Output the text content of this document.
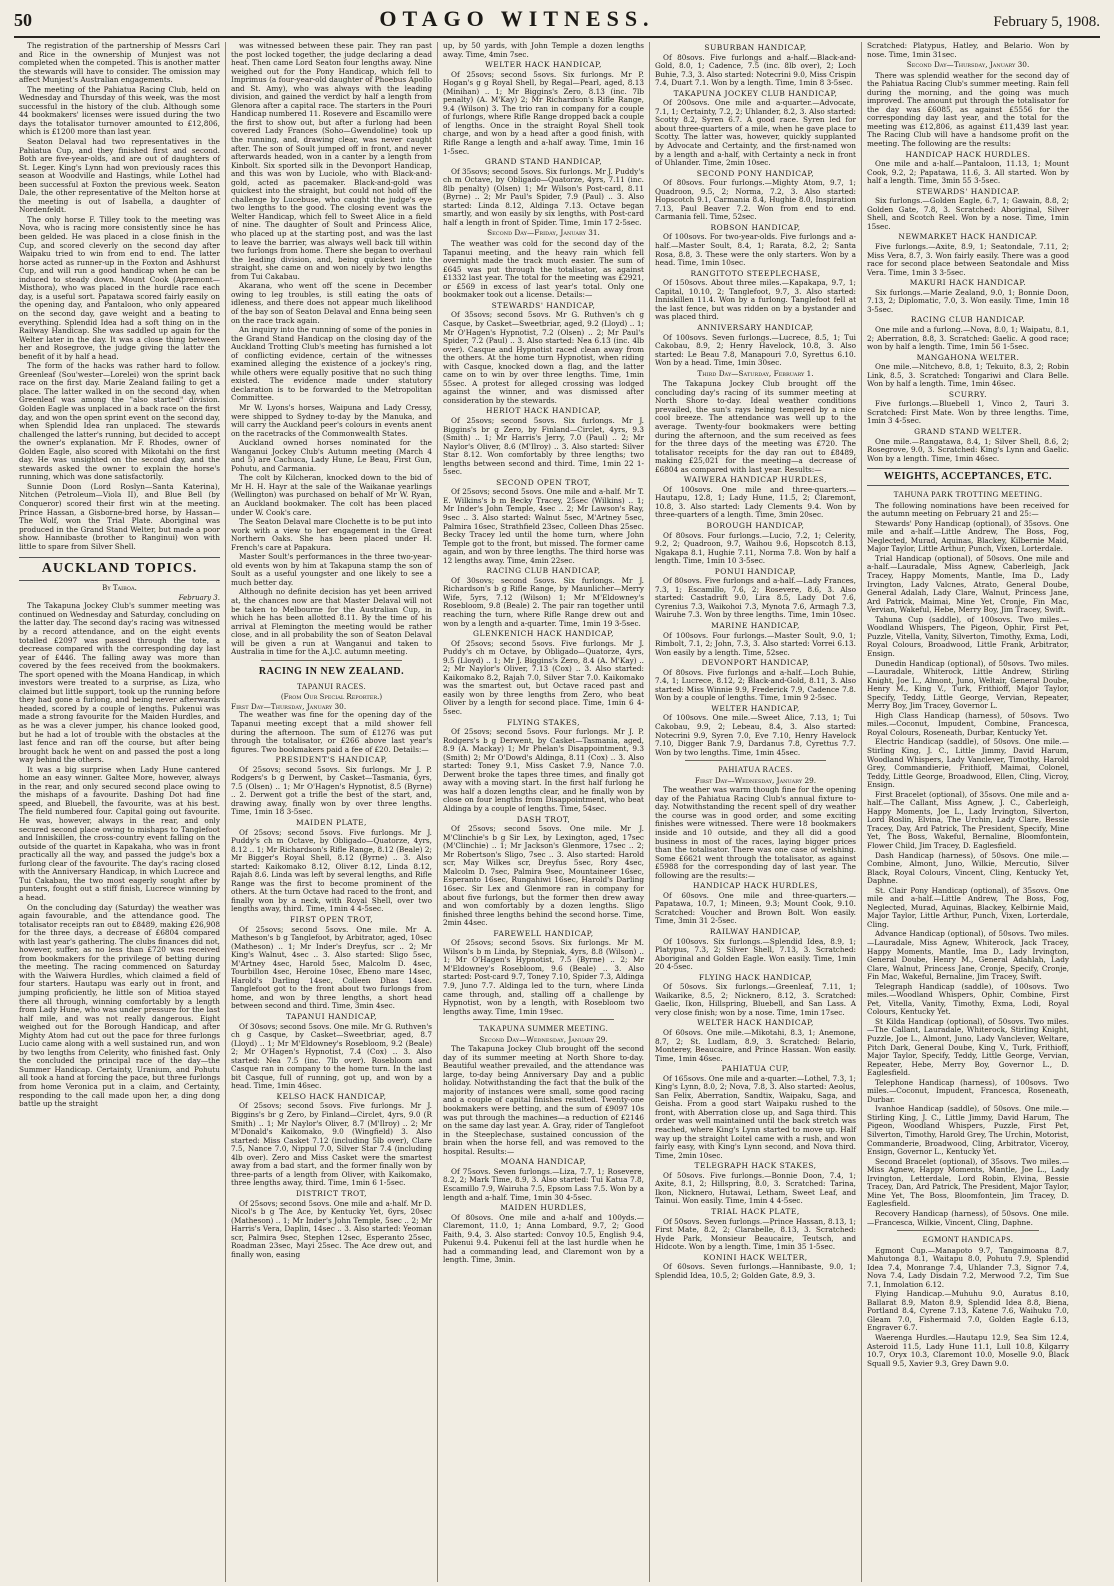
50	OTAGO WITNESS.	February 5, 1908.

The registration of the partnership of Messrs Carl and Rice in the ownership of Munjest was not completed when the competed. This is another matter the stewards will have to consider. The omission may affect Munjest's Australian engagements.

The meeting of the Pahiatua Racing Club, held on Wednesday and Thursday of this week, was the most successful in the history of the club. Although some 44 bookmakers' licenses were issued during the two days the totalisator turnover amounted to £12,806, which is £1200 more than last year.

Seaton Delaval had two representatives in the Pahiatua Cup, and they finished first and second. Both are five-year-olds, and are out of daughters of St. Leger. King's Lynn had won previously races this season at Woodville and Hastings, while Lothel had been successful at Foxton the previous week. Seaton Dale, the other representative of the Melton horse at the meeting is out of Isabella, a daughter of Nordenfeldt.

The only horse F. Tilley took to the meeting was Nova, who is racing more consistently since he has been gelded. He was placed in a close finish in the Cup, and scored cleverly on the second day after Waipaku tried to win from end to end. The latter horse acted as runner-up in the Foxton and Ashhurst Cup, and will run a good handicap when he can be induced to steady down. Mount Cook (Apremont—Misthora), who was placed in the hurdle race each day, is a useful sort. Papatawa scored fairly easily on the opening day, and Pantaloon, who only appeared on the second day, gave weight and a beating to everything. Splendid Idea had a soft thing on in the Railway Handicap. She was saddled up again for the Welter later in the day. It was a close thing between her and Rosegrove, the judge giving the latter the benefit of it by half a head.

The form of the hacks was rather hard to follow. Greenleaf (Sou'wester—Lorelei) won the sprint back race on the first day. Marie Zealand failing to get a place. The latter walked in on the second day, when Greenleaf was among the "also started" division. Golden Eagle was unplaced in a back race on the first day, and won the open sprint event on the second day, when Splendid Idea ran unplaced. The stewards challenged the latter's running, but decided to accept the owner's explanation. Mr F. Rhodes, owner of Golden Eagle, also scored with Mikotahi on the first day. He was unsighted on the second day, and the stewards asked the owner to explain the horse's running, which was done satisfactorily.

Sunnie Doon (Lord Roslyn—Santa Katerina), Nitchen (Petroleum—Viola II), and Blue Bell (by Conqueror) scored their first win at the meeting. Prince Hassan, a Gisborne-bred horse, by Hassan—The Wolf, won the Trial Plate. Aboriginal was produced in the Grand Stand Welter, but made a poor show. Hannibaste (brother to Ranginui) won with little to spare from Silver Shell.

AUCKLAND TOPICS.
By Taiboa.
February 3.

The Takapuna Jockey Club's summer meeting was continued on Wednesday and Saturday, concluding on the latter day. The second day's racing was witnessed by a record attendance, and on the eight events totalled £2097 was passed through the tote, a decrease compared with the corresponding day last year of £446. The falling away was more than covered by the fees received from the bookmakers. The sport opened with the Moana Handicap, in which investors were treated to a surprise, as Liza, who claimed but little support, took up the running before they had gone a furlong, and being never afterwards headed, scored by a couple of lengths. Pukenui was made a strong favourite for the Maiden Hurdles, and as he was a clever jumper, his chance looked good, but he had a lot of trouble with the obstacles at the last fence and ran off the course, but after being brought back he went on and passed the post a long way behind the others.

It was a big surprise when Lady Hune cantered home an easy winner. Galtee More, however, always in the rear, and only secured second place owing to the mishaps of a favourite. Dashing Dot had fine speed, and Bluebell, the favourite, was at his best. The field numbered four. Capital going out favourite. He was, however, always in the rear, and only secured second place owing to mishaps to Tanglefoot and Inniskillen, the cross-country event falling on the outside of the quartet in Kapakaha, who was in front practically all the way, and passed the judge's box a furlong clear of the favourite. The day's racing closed with the Anniversary Handicap, in which Lucrece and Tui Cakabau, the two most eagerly sought after by punters, fought out a stiff finish, Lucrece winning by a head.

On the concluding day (Saturday) the weather was again favourable, and the attendance good. The totalisator receipts ran out to £8489, making £26,908 for the three days, a decrease of £6804 compared with last year's gathering. The clubs finances did not, however, suffer, as no less than £720 was received from bookmakers for the privilege of betting during the meeting. The racing commenced on Saturday with the Waiwera Hurdles, which claimed a field of four starters. Hautapu was early out in front, and jumping proficiently, he little son of Mitioa stayed there all through, winning comfortably by a length from Lady Hune, who was under pressure for the last half mile, and was not really dangerous. Eight weighed out for the Borough Handicap, and after Mighty Atom had cut out the pace for three furlongs Lucio came along with a well sustained run, and won by two lengths from Celerity, who finished fast. Only the concluded the principal race of the day—the Summer Handicap. Certainty, Uranium, and Pohutu all took a hand at forcing the pace, but three furlongs from home Veronica put in a claim, and Certainty, responding to the call made upon her, a ding dong battle up the straight

was witnessed between these pair. They ran past the post locked together, the judge declaring a dead heat. Then came Lord Seaton four lengths away. Nine weighed out for the Pony Handicap, which fell to Imprimus (a four-year-old daughter of Phoebus Apollo and St. Amy), who was always with the leading division, and gained the verdict by half a length from Glenora after a capital race. The starters in the Pouri Handicap numbered 11. Rosevere and Escamillo were the first to show out, but after a furlong had been covered Lady Frances (Soho—Gwendoline) took up the running, and, drawing clear, was never caught after. The son of Soult jumped off in front, and never afterwards headed, won in a canter by a length from Kinbolt. Six sported silk in the Devonport Handicap, and this was won by Luciole, who with Black-and-gold, acted as pacemaker. Black-and-gold was quickest into the straight, but could not hold off the challenge by Lucebuse, who caught the judge's eye two lengths to the good. The closing event was the Welter Handicap, which fell to Sweet Alice in a field of nine. The daughter of Soult and Princess Alice, who placed up at the starting post, and was the last to leave the barrier, was always well back till within two furlongs from home. There she began to overhaul the leading division, and, being quickest into the straight, she came on and won nicely by two lengths from Tui Cakabau.

Akarana, who went off the scene in December owing to leg troubles, is still eating the oats of idleness, and there does not appear much likelihood of the bay son of Seaton Delaval and Enna being seen on the race track again.

An inquiry into the running of some of the ponies in the Grand Stand Handicap on the closing day of the Auckland Trotting Club's meeting has furnished a lot of conflicting evidence, certain of the witnesses examined alleging the existence of a jockey's ring, while others were equally positive that no such thing existed. The evidence made under statutory declaration is to be forwarded to the Metropolitan Committee.

Mr W. Lyons's horses, Waipuna and Lady Cressy, were shipped to Sydney to-day by the Manuka, and will carry the Auckland peer's colours in events anent on the racetracks of the Commonwealth States.

Auckland owned horses nominated for the Wanganui Jockey Club's Autumn meeting (March 4 and 5) are Cachuca, Lady Hune, Le Beau, First Gun, Pohutu, and Carmania.

The colt by Kilcheran, knocked down to the bid of Mr H. H. Hayr at the sale of the Waikanae yearlings (Wellington) was purchased on behalf of Mr W. Ryan, an Auckland bookmaker. The colt has been placed under W. Cook's care.

The Seaton Delaval mare Clochette is to be put into work with a view to her engagement in the Great Northern Oaks. She has been placed under H. French's care at Papakura.

Master Soult's performances in the three two-year-old events won by him at Takapuna stamp the son of Soult as a useful youngster and one likely to see a much better day.

Although no definite decision has yet been arrived at, the chances now are that Master Delaval will not be taken to Melbourne for the Australian Cup, in which he has been allotted 8.11. By the time of his arrival at Flemington the meeting would be rather close, and in all probability the son of Seaton Delaval will be given a run at Wanganui and taken to Australia in time for the A.J.C. autumn meeting.

RACING IN NEW ZEALAND.
TAPANUI RACES.
(From Our Special Reporter.)

First Day—Thursday, January 30.

The weather was fine for the opening day of the Tapanui meeting except that a mild shower fell during the afternoon. The sum of £1276 was put through the totalisator, or £266 above last year's figures. Two bookmakers paid a fee of £20. Details:—

PRESIDENT'S HANDICAP,

Of 25sovs; second 5sovs. Six furlongs. Mr J. P. Rodgers's b g Derwent, by Casket—Tasmania, 6yrs, 7.5 (Olsen) .. 1; Mr O'Hagen's Hypnotist, 8.5 (Byrne) .. 2. Derwent got a trifle the best of the start, and, drawing away, finally won by over three lengths. Time, 1min 18 3-5sec.

MAIDEN PLATE,

Of 25sovs; second 5sovs. Five furlongs. Mr J. Puddy's ch m Octave, by Obligado—Quatorze, 4yrs, 8.12 .. 1; Mr Richardson's Rifle Range, 8.12 (Beale) 2; Mr Bigger's Royal Shell, 8.12 (Byrne) .. 3. Also started: Kaikomako 8.12, Oliver 8.12, Linda 8.12, Rajah 8.6. Linda was left by several lengths, and Rifle Range was the first to become prominent of the others. At the turn Octave had raced to the front, and finally won by a neck, with Royal Shell, over two lengths away, third. Time, 1min 4 4-5sec.

FIRST OPEN TROT,

Of 25sovs; second 5sovs. One mile. Mr A. Matheson's b g Tanglefoot, by Arbitrator, aged, 10sec (Matheson) .. 1; Mr Inder's Dreyfus, scr .. 2; Mr King's Walnut, 4sec .. 3. Also started: Sligo 5sec, M'Artney 4sec, Harold 5sec, Malcolm D. 4sec, Tourbillon 4sec, Heroine 10sec, Ebeno mare 14sec, Harold's Darling 14sec, Colleen Dhas 14sec. Tanglefoot got to the front about two furlongs from home, and won by three lengths, a short head between second and third. Time, 3min 4sec.

TAPANUI HANDICAP,

Of 30sovs; second 5sovs. One mile. Mr G. Ruthven's ch g Casque, by Casket—Sweetbriar, aged, 8.7 (Lloyd) .. 1; Mr M'Eldowney's Rosebloom, 9.2 (Beale) 2; Mr O'Hagen's Hypnotist, 7.4 (Cox) .. 3. Also started: Nea 7.5 (inc. 7lb over). Rosebloom and Casque ran in company to the home turn. In the last bit Casque, full of running, got up, and won by a head. Time, 1min 46sec.

KELSO HACK HANDICAP,

Of 25sovs; second 5sovs. Five furlongs. Mr J. Biggins's br g Zero, by Finland—Circlet, 4yrs, 9.0 (R Smith) .. 1; Mr Naylor's Oliver, 8.7 (M'Ilroy) .. 2; Mr M'Donald's Kaikomako, 9.0 (Wingfield) 3. Also started: Miss Casket 7.12 (including 5lb over), Clare 7.5, Nance 7.0, Nippul 7.0, Silver Star 7.4 (including 4lb over). Zero and Miss Casket were the smartest away from a bad start, and the former finally won by three-parts of a length from Oliver, with Kaikomako, three lengths away, third. Time, 1min 6 1-5sec.

DISTRICT TROT,

Of 25sovs; second 5sovs. One mile and a-half. Mr D. Nicol's b g The Ace, by Kentucky Yet, 6yrs, 20sec (Matheson) .. 1; Mr Inder's John Temple, 5sec .. 2; Mr Harris's Vera, Daplin, 14sec .. 3. Also started: Yeoman scr, Palmira 9sec, Stephen 12sec, Esperanto 25sec, Roadman 23sec, Mayi 25sec. The Ace drew out, and finally won, easing

up, by 50 yards, with John Temple a dozen lengths away. Time, 4min 7sec.

WELTER HACK HANDICAP,

Of 25sovs; second 5sovs. Six furlongs. Mr P. Hogan's g g Royal Shell, by Regal—Pearl, aged, 8.13 (Minihan) .. 1; Mr Biggins's Zero, 8.13 (inc. 7lb penalty) (A. M'Kay) 2; Mr Richardson's Rifle Range, 9.4 (Wilson) 3. The trio ran in company for a couple of furlongs, where Rifle Range dropped back a couple of lengths. Once in the straight Royal Shell took charge, and won by a head after a good finish, with Rifle Range a length and a-half away. Time, 1min 16 1-5sec.

GRAND STAND HANDICAP,

Of 35sovs; second 5sovs. Six furlongs. Mr J. Puddy's ch m Octave, by Obligado—Quatorze, 4yrs, 7.11 (inc. 8lb penalty) (Olsen) 1; Mr Wilson's Post-card, 8.11 (Byrne) .. 2; Mr Paul's Spider, 7.9 (Paul) .. 3. Also started: Linda 8.12, Aldinga 7.13. Octave began smartly, and won easily by six lengths, with Post-card half a length in front of Spider. Time, 1min 17 2-5sec.

Second Day—Friday, January 31.

The weather was cold for the second day of the Tapanui meeting, and the heavy rain which fell overnight made the track much easier. The sum of £645 was put through the totalisator, as against £1332 last year. The total for the meeting was £2921, or £569 in excess of last year's total. Only one bookmaker took out a license. Details:—

STEWARDS' HANDICAP,

Of 35sovs; second 5sovs. Mr G. Ruthven's ch g Casque, by Casket—Sweetbriar, aged, 9.2 (Lloyd) .. 1; Mr O'Hagen's Hypnotist, 7.2 (Olsen) .. 2; Mr Paul's Spider, 7.2 (Paul) .. 3. Also started: Nea 6.13 (inc. 4lb over). Casque and Hypnotist raced clean away from the others. At the home turn Hypnotist, when riding with Casque, knocked down a flag, and the latter came on to win by over three lengths. Time, 1min 55sec. A protest for alleged crossing was lodged against the winner, and was dismissed after consideration by the stewards.

HERIOT HACK HANDICAP,

Of 25sovs; second 5sovs. Six furlongs. Mr J. Biggins's br g Zero, by Finland—Circlet, 4yrs, 9.3 (Smith) .. 1; Mr Harris's Jerry, 7.0 (Paul) .. 2; Mr Naylor's Oliver, 8.6 (M'Ilroy) .. 3. Also started: Silver Star 8.12. Won comfortably by three lengths; two lengths between second and third. Time, 1min 22 1-5sec.

SECOND OPEN TROT,

Of 25sovs; second 5sovs. One mile and a-half. Mr T. E. Wilkins's b m Becky Tracey, 25sec (Wilkins) .. 1; Mr Inder's John Temple, 4sec .. 2; Mr Lawson's Ray, 9sec .. 3. Also started: Walnut 5sec, M'Artney 5sec, Palmira 16sec, Strathfield 23sec, Colleen Dhas 25sec. Becky Tracey led until the home turn, where John Temple got to the front, but missed. The former came again, and won by three lengths. The third horse was 12 lengths away. Time, 4min 22sec.

RACING CLUB HANDICAP,

Of 30sovs; second 5sovs. Six furlongs. Mr J. Richardson's b g Rifle Range, by Maunlicher—Merry Wife, 5yrs, 7.12 (Wilson) 1; Mr M'Eldowney's Rosebloom, 9.8 (Beale) 2. The pair ran together until reaching the turn, where Rifle Range drew out and won by a length and a-quarter. Time, 1min 19 3-5sec.

GLENKENICH HACK HANDICAP,

Of 25sovs; second 5sovs. Five furlongs. Mr J. Puddy's ch m Octave, by Obligado—Quatorze, 4yrs, 9.5 (Lloyd) .. 1; Mr J. Biggins's Zero, 8.4 (A. M'Kay) .. 2; Mr Naylor's Oliver, 7.13 (Cox) .. 3. Also started: Kaikomako 8.2, Rajah 7.0, Silver Star 7.0. Kaikomako was the smartest out, but Octave raced past and easily won by three lengths from Zero, who beat Oliver by a length for second place. Time, 1min 6 4-5sec.

FLYING STAKES,

Of 25sovs; second 5sovs. Four furlongs. Mr J. P. Rodgers's b g Derwent, by Casket—Tasmania, aged, 8.9 (A. Mackay) 1; Mr Phelan's Disappointment, 9.3 (Smith) 2; Mr O'Dowd's Aldinga, 8.11 (Cox) .. 3. Also started: Toney 9.1, Miss Casket 7.9, Nance 7.0. Derwent broke the tapes three times, and finally got away with a moving start. In the first half furlong he was half a dozen lengths clear, and he finally won by close on four lengths from Disappointment, who beat Aldinga by a couple of lengths. Time, 54sec.

DASH TROT,

Of 25sovs; second 5sovs. One mile. Mr J. M'Clinchie's b g Sir Lex, by Lexington, aged, 17sec (M'Clinchie) .. 1; Mr Jackson's Glenmore, 17sec .. 2; Mr Robertson's Sligo, 7sec .. 3. Also started: Harold scr, May Wilkes scr, Dreyfus 5sec, Rory 4sec, Malcolm D. 7sec, Palmira 9sec, Mountaineer 16sec, Esperanto 16sec, Rungahiwi 16sec, Harold's Darling 16sec. Sir Lex and Glenmore ran in company for about five furlongs, but the former then drew away and won comfortably by a dozen lengths. Sligo finished three lengths behind the second horse. Time, 2min 44sec.

FAREWELL HANDICAP,

Of 25sovs; second 5sovs. Six furlongs. Mr M. Wilson's b m Linda, by Stepniak, 4yrs, 8.8 (Wilson) .. 1; Mr O'Hagen's Hypnotist, 7.5 (Byrne) .. 2; Mr M'Eldowney's Rosebloom, 9.6 (Beale) .. 3. Also started: Post-card 9.7, Toney 7.10, Spider 7.3, Aldinga 7.9, Juno 7.7. Aldinga led to the turn, where Linda came through, and, stalling off a challenge by Hypnotist, won by a length, with Rosebloom two lengths away. Time, 1min 19sec.

TAKAPUNA SUMMER MEETING.

Second Day—Wednesday, January 29.

The Takapuna Jockey Club brought off the second day of its summer meeting at North Shore to-day. Beautiful weather prevailed, and the attendance was large, to-day being Anniversary Day and a public holiday. Notwithstanding the fact that the bulk of the majority of instances were small, some good racing and a couple of capital finishes resulted. Twenty-one bookmakers were betting, and the sum of £9097 10s was put through the machines—a reduction of £2146 on the same day last year. A. Gray, rider of Tanglefoot in the Steeplechase, sustained concussion of the brain when the horse fell, and was removed to the hospital. Results:—

MOANA HANDICAP,

Of 75sovs. Seven furlongs.—Liza, 7.7, 1; Rosevere, 8.2, 2; Mark Time, 8.9, 3. Also started: Tui Katua 7.8, Escamillo 7.9, Wairuha 7.5, Epsom Lass 7.5. Won by a length and a-half. Time, 1min 30 4-5sec.

MAIDEN HURDLES,

Of 80sovs. One mile and a-half and 100yds.—Claremont, 11.0, 1; Anna Lombard, 9.7, 2; Good Faith, 9.4, 3. Also started: Convoy 10.5, English 9.4, Pukenui 9.4. Pukenui fell at the last hurdle when he had a commanding lead, and Claremont won by a length. Time, 3min.

SUBURBAN HANDICAP,

Of 80sovs. Five furlongs and a-half.—Black-and-Gold, 8.0, 1; Cadence, 7.5 (inc. 8lb over), 2; Loch Buhie, 7.3, 3. Also started: Notecrini 9.0, Miss Crispin 7.4, Duart 7.1. Won by a length. Time, 1min 8 3-5sec.

TAKAPUNA JOCKEY CLUB HANDICAP,

Of 200sovs. One mile and a-quarter.—Advocate, 7.1, 1; Certainty, 7.2, 2; Uhlander, 8.2, 3. Also started: Scotty 8.2, Syren 6.7. A good race. Syren led for about three-quarters of a mile, when he gave place to Scotty. The latter was, however, quickly supplanted by Advocate and Certainty, and the first-named won by a length and a-half, with Certainty a neck in front of Uhlander. Time, 2min 10sec.

SECOND PONY HANDICAP,

Of 80sovs. Four furlongs.—Mighty Atom, 9.7, 1; Quadroon, 9.5, 2; Norma, 7.2, 3. Also started: Hopscotch 9.1, Carmania 8.4, Hughie 8.0, Inspiration 7.13, Paul Beaver 7.2. Won from end to end. Carmania fell. Time, 52sec.

ROBSON HANDICAP,

Of 100sovs. For two-year-olds. Five furlongs and a-half.—Master Soult, 8.4, 1; Rarata, 8.2, 2; Santa Rosa, 8.8, 3. These were the only starters. Won by a head. Time, 1min 10sec.

RANGITOTO STEEPLECHASE,

Of 150sovs. About three miles.—Kapakapa, 9.7, 1; Capital, 10.10, 2; Tanglefoot, 9.7, 3. Also started: Inniskillen 11.4. Won by a furlong. Tanglefoot fell at the last fence, but was ridden on by a bystander and was placed third.

ANNIVERSARY HANDICAP,

Of 100sovs. Seven furlongs.—Lucrece, 8.5, 1; Tui Cakobau, 8.9, 2; Henry Havelock, 10.8, 3. Also started: Le Beau 7.8, Manapouri 7.0, Syrettus 6.10. Won by a head. Time, 1min 30sec.

Third Day—Saturday, February 1.

The Takapuna Jockey Club brought off the concluding day's racing of its summer meeting at North Shore to-day. Ideal weather conditions prevailed, the sun's rays being tempered by a nice cool breeze. The attendance was well up to the average. Twenty-four bookmakers were betting during the afternoon, and the sum received as fees for the three days of the meeting was £720. The totalisator receipts for the day ran out to £8489, making £25,021 for the meeting—a decrease of £6804 as compared with last year. Results:—

WAIWERA HANDICAP HURDLES,

Of 100sovs. One mile and three-quarters.—Hautapu, 12.8, 1; Lady Hune, 11.5, 2; Claremont, 10.8, 3. Also started: Lady Clements 9.4. Won by three-quarters of a length. Time, 3min 20sec.

BOROUGH HANDICAP,

Of 80sovs. Four furlongs.—Lucio, 7.2, 1; Celerity, 9.2, 2; Quadroon, 9.7, Waihou 9.6, Hopscotch 8.13, Ngakapa 8.1, Hughie 7.11, Norma 7.8. Won by half a length. Time, 1min 10 3-5sec.

PONUI HANDICAP,

Of 80sovs. Five furlongs and a-half.—Lady Frances, 7.3, 1; Escamillo, 7.6, 2; Rosevere, 8.6, 3. Also started: Castadrift 9.0, Lira 8.5, Lady Dot 7.6, Cyrenius 7.3, Waikohoi 7.3, Mynota 7.6, Armagh 7.3, Wairuhe 7.3. Won by three lengths. Time, 1min 10sec.

MARINE HANDICAP,

Of 100sovs. Four furlongs.—Master Soult, 9.0, 1; Rimbolt, 7.1, 2; John, 7.3, 3. Also started: Vorrei 6.13. Won easily by a length. Time, 52sec.

DEVONPORT HANDICAP,

Of 80sovs. Five furlongs and a-half.—Loch Buhie, 7.4, 1; Lucrece, 8.12, 2; Black-and-Gold, 8.11, 3. Also started: Miss Winnie 9.9, Frederick 7.9, Cadence 7.8. Won by a couple of lengths. Time, 1min 9 2-5sec.

WELTER HANDICAP,

Of 100sovs. One mile.—Sweet Alice, 7.13, 1; Tui Cakobau, 9.9, 2; Lebeau, 8.4, 3. Also started: Notecrini 9.9, Syren 7.0, Eve 7.10, Henry Havelock 7.10, Digger Bank 7.9, Dardanus 7.8, Cyrettus 7.7. Won by two lengths. Time, 1min 45sec.

PAHIATUA RACES.

First Day—Wednesday, January 29.

The weather was warm though fine for the opening day of the Pahiatua Racing Club's annual fixture to-day. Notwithstanding the recent spell of dry weather the course was in good order, and some exciting finishes were witnessed. There were 18 bookmakers inside and 10 outside, and they all did a good business in most of the races, laying bigger prices than the totalisator. There was one case of welshing. Some £6621 went through the totalisator, as against £5988 for the corresponding day of last year. The following are the results:—

HANDICAP HACK HURDLES,

Of 60sovs. One mile and three-quarters.—Papatawa, 10.7, 1; Mineen, 9.3; Mount Cook, 9.10. Scratched: Voucher and Brown Bolt. Won easily. Time, 3min 31 2-5sec.

RAILWAY HANDICAP,

Of 100sovs. Six furlongs.—Splendid Idea, 8.9, 1; Platypus, 7.3, 2; Silver Shell, 7.13, 3. Scratched: Aboriginal and Golden Eagle. Won easily. Time, 1min 20 4-5sec.

FLYING HACK HANDICAP,

Of 50sovs. Six furlongs.—Greenleaf, 7.11, 1; Waikarike, 8.5, 2; Nicknero, 8.12, 3. Scratched: Gaelic, Ikon, Hillspring, Bluebell, and San Lass. A very close finish; won by a nose. Time, 1min 17sec.

WELTER HACK HANDICAP,

Of 60sovs. One mile.—Mikotahi, 8.3, 1; Anemone, 8.7, 2; St. Ludlam, 8.9, 3. Scratched: Belario, Monterey, Beaucaire, and Prince Hassan. Won easily. Time, 1min 46sec.

PAHIATUA CUP,

Of 165sovs. One mile and a-quarter.—Lothel, 7.3, 1; King's Lynn, 8.0, 2; Nova, 7.8, 3. Also started: Aeolus, San Felix, Aberration, Sandtix, Waipaku, Saga, and Geisha. From a good start Waipaku rushed to the front, with Aberration close up, and Saga third. This order was well maintained until the back stretch was reached, where King's Lynn started to move up. Half way up the straight Loitel came with a rush, and won fairly easy, with King's Lynn second, and Nova third. Time, 2min 10sec.

TELEGRAPH HACK STAKES,

Of 50sovs. Five furlongs.—Bonnie Doon, 7.4, 1; Axite, 8.1, 2; Hillspring, 8.0, 3. Scratched: Tarina, Ikon, Nicknero, Hutawai, Letham, Sweet Leaf, and Tainui. Won easily. Time, 1min 4 4-5sec.

TRIAL HACK PLATE,

Of 50sovs. Seven furlongs.—Prince Hassan, 8.13, 1; First Mate, 8.2, 2; Clarabelle, 8.13, 3. Scratched: Hyde Park, Monsieur Beaucaire, Teutsch, and Hidcote. Won by a length. Time, 1min 35 1-5sec.

KONINI HACK WELTER,

Of 60sovs. Seven furlongs.—Hannibaste, 9.0, 1; Splendid Idea, 10.5, 2; Golden Gate, 8.9, 3.

Scratched: Platypus, Hatley, and Belario. Won by nose. Time, 1min 31sec.

Second Day—Thursday, January 30.

There was splendid weather for the second day of the Pahiatua Racing Club's summer meeting. Rain fell during the morning, and the going was much improved. The amount put through the totalisator for the day was £6085, as against £5556 for the corresponding day last year, and the total for the meeting was £12,806, as against £11,439 last year. The Racing Club will have a handsome profit on the meeting. The following are the results:

HANDICAP HACK HURDLES.

One mile and a-half.—Pantaloon, 11.13, 1; Mount Cook, 9.2, 2; Papatawa, 11.6, 3. All started. Won by half a length. Time, 3min 55 3-5sec.

STEWARDS' HANDICAP.

Six furlongs.—Golden Eagle, 6.7, 1; Gawain, 8.8, 2; Golden Gate, 7.8, 3. Scratched: Aboriginal, Silver Shell, and Scotch Reel. Won by a nose. Time, 1min 15sec.

NEWMARKET HACK HANDICAP.

Five furlongs.—Axite, 8.9, 1; Seatondale, 7.11, 2; Miss Vera, 8.7, 3. Won fairly easily. There was a good race for second place between Seatondale and Miss Vera. Time, 1min 3 3-5sec.

MAKURI HACK HANDICAP.

Six furlongs.—Marie Zealand, 9.0, 1; Bonnie Doon, 7.13, 2; Diplomatic, 7.0, 3. Won easily. Time, 1min 18 3-5sec.

RACING CLUB HANDICAP.

One mile and a furlong.—Nova, 8.0, 1; Waipatu, 8.1, 2; Aberration, 8.8, 3. Scratched: Gaelic. A good race; won by half a length. Time, 1min 56 1-5sec.

MANGAHONA WELTER.

One mile.—Nitchevo, 8.8, 1; Tekuito, 8.3, 2; Robin Link, 8.5, 3. Scratched: Tongariwi and Clara Belle. Won by half a length. Time, 1min 46sec.

SCURRY.

Five furlongs.—Bluebell 1, Vinco 2, Tauri 3. Scratched: First Mate. Won by three lengths. Time, 1min 3 4-5sec.

GRAND STAND WELTER.

One mile.—Rangatawa, 8.4, 1; Silver Shell, 8.6, 2; Rosegrove, 9.0, 3. Scratched: King's Lynn and Gaelic. Won by a length. Time, 1min 46sec.

WEIGHTS, ACCEPTANCES, ETC.
TAHUNA PARK TROTTING MEETING.

The following nominations have been received for the autumn meeting on February 21 and 25:—

Stewards' Pony Handicap (optional), of 35sovs. One mile and a-half.—Little Andrew, The Boss, Fog, Neglected, Murad, Aquinas, Blackey, Kilbernie Maid, Major Taylor, Little Arthur, Punch, Vixen, Lorterdale.

Trial Handicap (optional), of 50sovs. One mile and a-half.—Lauradale, Miss Agnew, Caberleigh, Jack Tracey, Happy Moments, Mantle, Ima D., Lady Irvington, Lady Valcnes, Atrato, General Doube, General Adalah, Lady Clare, Walnut, Princess Jane, Ard Patrick, Maimai, Mine Yet, Cronje, Fin Mac, Vervian, Wakeful, Hebe, Merry Boy, Jim Tracey, Swift.

Tahuna Cup (saddle), of 100sovs. Two miles.—Woodland Whispers, The Pigeon, Ophir, First Pet, Puzzle, Vitella, Vanity, Silverton, Timothy, Exma, Lodi, Royal Colours, Broadwood, Little Frank, Arbitrator, Ensign.

Dunedin Handicap (optional), of 50sovs. Two miles.—Lauradale, Whiterock, Little Andrew, Stirling Knight, Joe L., Almont, Juno, Weltair, General Doube, Henry M., King V., Turk, Frithioff, Major Taylor, Specify, Teddy, Little George, Vervian, Repeater, Merry Boy, Jim Tracey, Governor L.

High Class Handicap (harness), of 50sovs. Two miles.—Coconut, Impudent, Combine, Francesca, Royal Colours, Roseneath, Durbar, Kentucky Yet.

Electric Handicap (saddle), of 50sovs. One mile.—Stirling King, J. C., Little Jimmy, David Harum, Woodland Whispers, Lady Vanclever, Timothy, Harold Grey, Commandierie, Frithioff, Maimai, Colonel, Teddy, Little George, Broadwood, Ellen, Cling, Vicroy, Ensign.

First Bracelet (optional), of 35sovs. One mile and a-half.—The Callant, Miss Agnew, J. C., Caberleigh, Happy Moments, Joe L., Lady Irvington, Silverton, Lord Roslin, Elvina, The Urchin, Lady Clare, Bessie Tracey, Day, Ard Patrick, The President, Specify, Mine Yet, The Boss, Wakeful, Bernaline, Bloomfontein, Flower Child, Jim Tracey, D. Eaglesfield.

Dash Handicap (harness), of 50sovs. One mile.—Combine, Almont, Juno, Wilkie, Mercutio, Silver Black, Royal Colours, Vincent, Cling, Kentucky Yet, Daphne.

St. Clair Pony Handicap (optional), of 35sovs. One mile and a-half.—Little Andrew, The Boss, Fog, Neglected, Murad, Aquinas, Blackey, Kelbirnie Maid, Major Taylor, Little Arthur, Punch, Vixen, Lorterdale, Cling.

Advance Handicap (optional), of 50sovs. Two miles.—Lauradale, Miss Agnew, Whiterock, Jack Tracey, Happy Moments, Mantle, Ima D., Lady Irvington, General Doube, Henry M., General Adahlah, Lady Clare, Walnut, Princess Jane, Cronje, Specify, Cronje, Fin Mac, Wakeful, Bernaline, Jim Tracey, Swift.

Telegraph Handicap (saddle), of 100sovs. Two miles.—Woodland Whispers, Ophir, Combine, First Pet, Vitella, Vanity, Timothy, Exma, Lodi, Royal Colours, Kentucky Yet.

St Kilda Handicap (optional), of 50sovs. Two miles.—The Callant, Lauradale, Whiterock, Stirling Knight, Puzzle, Joe L., Almont, Juno, Lady Vanclever, Weltare, Pitch Dark, General Doube, King V., Turk, Frithioff, Major Taylor, Specify, Teddy, Little George, Vervian, Repeater, Hebe, Merry Boy, Governor L., D. Eaglesfield.

Telephone Handicap (harness), of 100sovs. Two miles.—Coconut, Impudent, Francesca, Roseneath, Durbar.

Ivanhoe Handicap (saddle), of 50sovs. One mile.—Stirling King, J. C., Little Jimmy, David Harum, The Pigeon, Woodland Whispers, Puzzle, First Pet, Silverton, Timothy, Harold Grey, The Urchin, Motorist, Commanderie, Broadwood, Cling, Arbitrator, Viceroy, Ensign, Governor L., Kentucky Yet.

Second Bracelet (optional), of 35sovs. Two miles.—Miss Agnew, Happy Moments, Mantle, Joe L., Lady Irvington, Letterdale, Lord Robin, Elvina, Bessie Tracey, Dan, Ard Patrick, The President, Major Taylor, Mine Yet, The Boss, Bloomfontein, Jim Tracey, D. Eaglesfield.

Recovery Handicap (harness), of 50sovs. One mile.—Francesca, Wilkie, Vincent, Cling, Daphne.

EGMONT HANDICAPS.

Egmont Cup.—Manapoto 9.7, Tangaimoana 8.7, Mahutonga 8.1, Waitapu 8.0, Pohutu 7.9, Splendid Idea 7.4, Monrange 7.4, Uhlander 7.3, Signor 7.4, Nova 7.4, Lady Disdain 7.2, Merwood 7.2, Tim Sue 7.1, Inmolation 6.12.

Flying Handicap.—Muhuhu 9.0, Auratus 8.10, Ballarat 8.9, Maton 8.9, Splendid Idea 8.8, Biena, Portland 8.4, Cyrene 7.13, Katene 7.6, Waihuku 7.0, Gleam 7.0, Fishermaid 7.0, Golden Eagle 6.13, Engraver 6.7.

Waerenga Hurdles.—Hautapu 12.9, Sea Sim 12.4, Asteroid 11.5, Lady Hune 11.1, Lull 10.8, Kilgarry 10.7, Oryx 10.3, Claremont 10.0, Moselle 9.0, Black Squall 9.5, Xavier 9.3, Grey Dawn 9.0.
